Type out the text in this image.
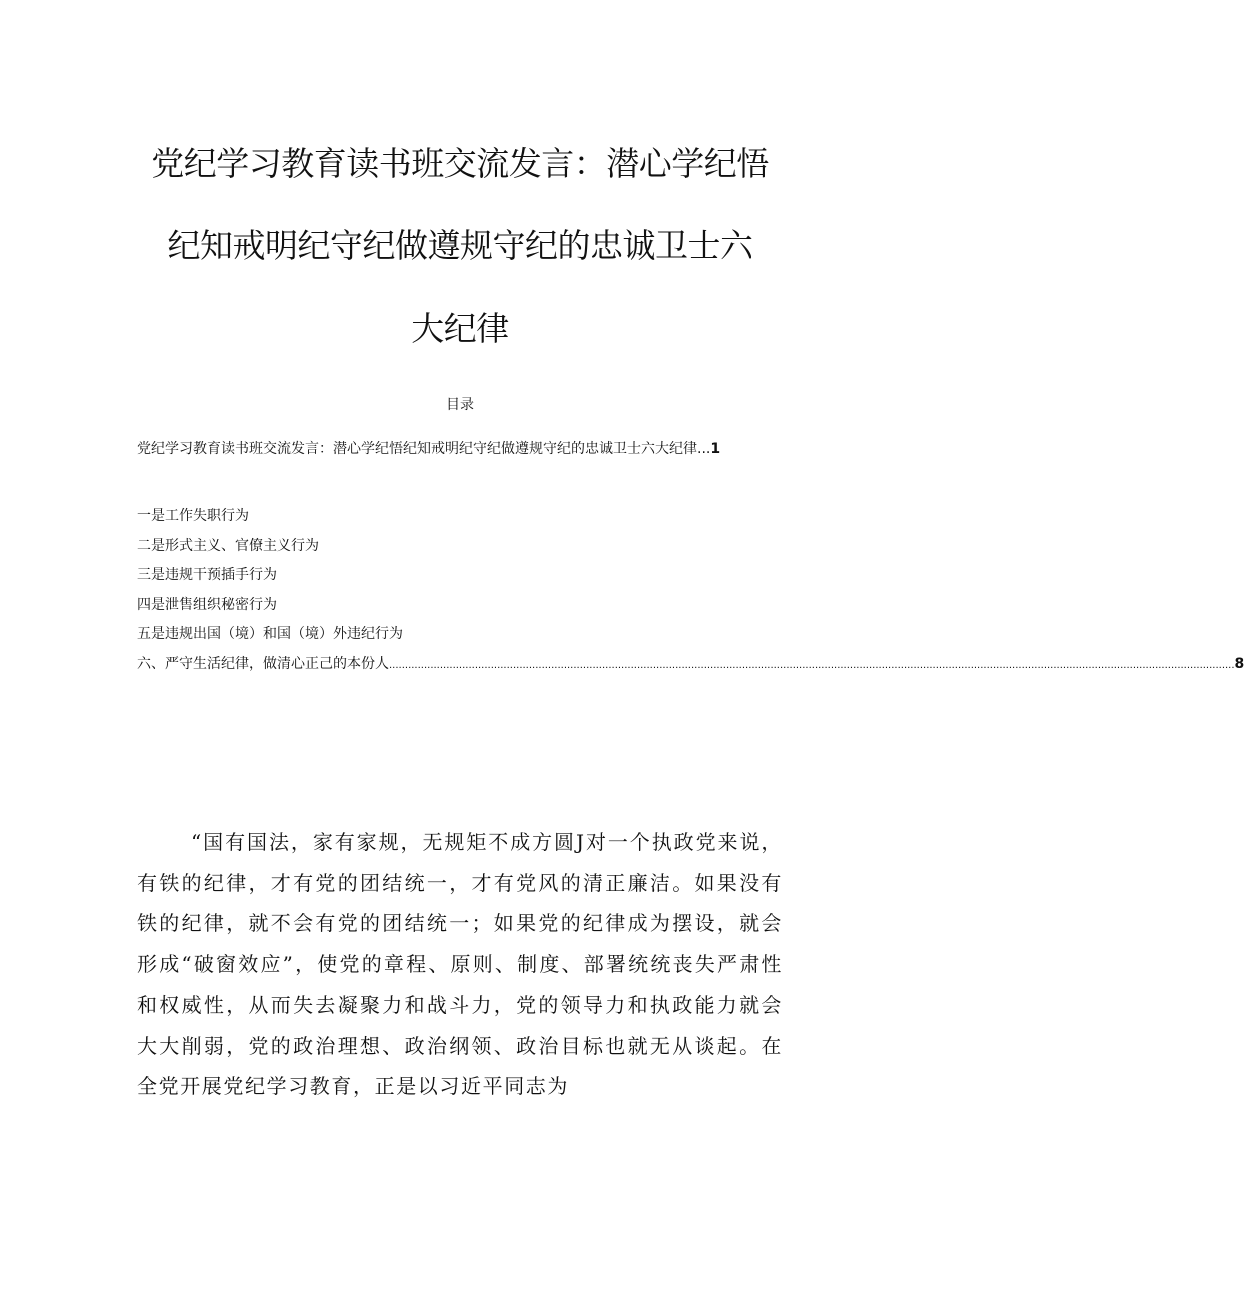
党纪学习教育读书班交流发言：潜心学纪悟
纪知戒明纪守纪做遵规守纪的忠诚卫士六
大纪律
目录
党纪学习教育读书班交流发言：潜心学纪悟纪知戒明纪守纪做遵规守纪的忠诚卫士六大纪律...1
一是工作失职行为
二是形式主义、官僚主义行为
三是违规干预插手行为
四是泄售组织秘密行为
五是违规出国（境）和国（境）外违纪行为
六、严守生活纪律，做清心正己的本份人 .......................................................................................................................................................................................................................................................................... 8

“国有国法，家有家规，无规矩不成方圆J对一个执政党来说，有铁的纪律，才有党的团结统一，才有党风的清正廉洁。如果没有铁的纪律，就不会有党的团结统一；如果党的纪律成为摆设，就会形成“破窗效应”，使党的章程、原则、制度、部署统统丧失严肃性和权威性，从而失去凝聚力和战斗力，党的领导力和执政能力就会大大削弱，党的政治理想、政治纲领、政治目标也就无从谈起。在全党开展党纪学习教育，正是以习近平同志为
